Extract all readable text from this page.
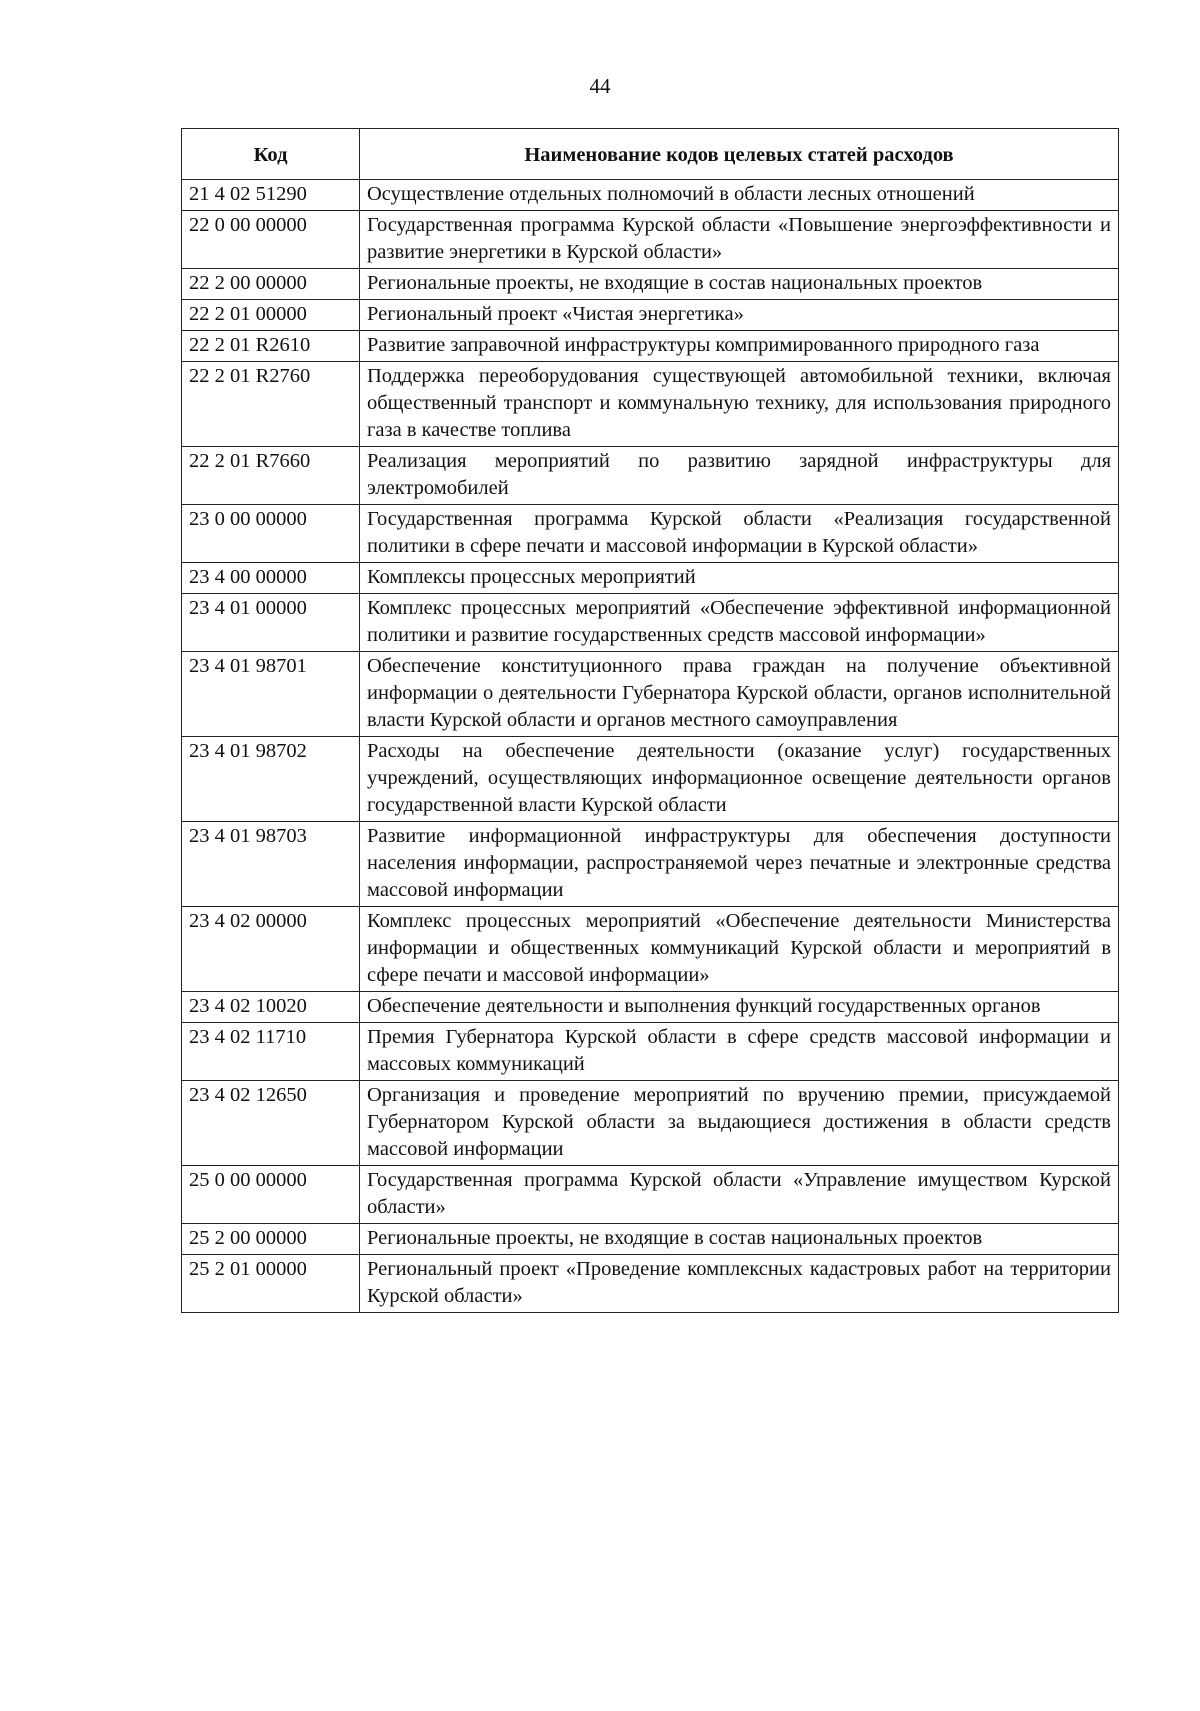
44
Код	Наименование кодов целевых статей расходов
21 4 02 51290	Осуществление отдельных полномочий в области лесных отношений
22 0 00 00000	Государственная программа Курской области «Повышение энергоэффективности и развитие энергетики в Курской области»
22 2 00 00000	Региональные проекты, не входящие в состав национальных проектов
22 2 01 00000	Региональный проект «Чистая энергетика»
22 2 01 R2610	Развитие заправочной инфраструктуры компримированного природного газа
22 2 01 R2760	Поддержка переоборудования существующей автомобильной техники, включая общественный транспорт и коммунальную технику, для использования природного газа в качестве топлива
22 2 01 R7660	Реализация мероприятий по развитию зарядной инфраструктуры для электромобилей
23 0 00 00000	Государственная программа Курской области «Реализация государственной политики в сфере печати и массовой информации в Курской области»
23 4 00 00000	Комплексы процессных мероприятий
23 4 01 00000	Комплекс процессных мероприятий «Обеспечение эффективной информационной политики и развитие государственных средств массовой информации»
23 4 01 98701	Обеспечение конституционного права граждан на получение объективной информации о деятельности Губернатора Курской области, органов исполнительной власти Курской области и органов местного самоуправления
23 4 01 98702	Расходы на обеспечение деятельности (оказание услуг) государственных учреждений, осуществляющих информационное освещение деятельности органов государственной власти Курской области
23 4 01 98703	Развитие информационной инфраструктуры для обеспечения доступности населения информации, распространяемой через печатные и электронные средства массовой информации
23 4 02 00000	Комплекс процессных мероприятий «Обеспечение деятельности Министерства информации и общественных коммуникаций Курской области и мероприятий в сфере печати и массовой информации»
23 4 02 10020	Обеспечение деятельности и выполнения функций государственных органов
23 4 02 11710	Премия Губернатора Курской области в сфере средств массовой информации и массовых коммуникаций
23 4 02 12650	Организация и проведение мероприятий по вручению премии, присуждаемой Губернатором Курской области за выдающиеся достижения в области средств массовой информации
25 0 00 00000	Государственная программа Курской области «Управление имуществом Курской области»
25 2 00 00000	Региональные проекты, не входящие в состав национальных проектов
25 2 01 00000	Региональный проект «Проведение комплексных кадастровых работ на территории Курской области»
